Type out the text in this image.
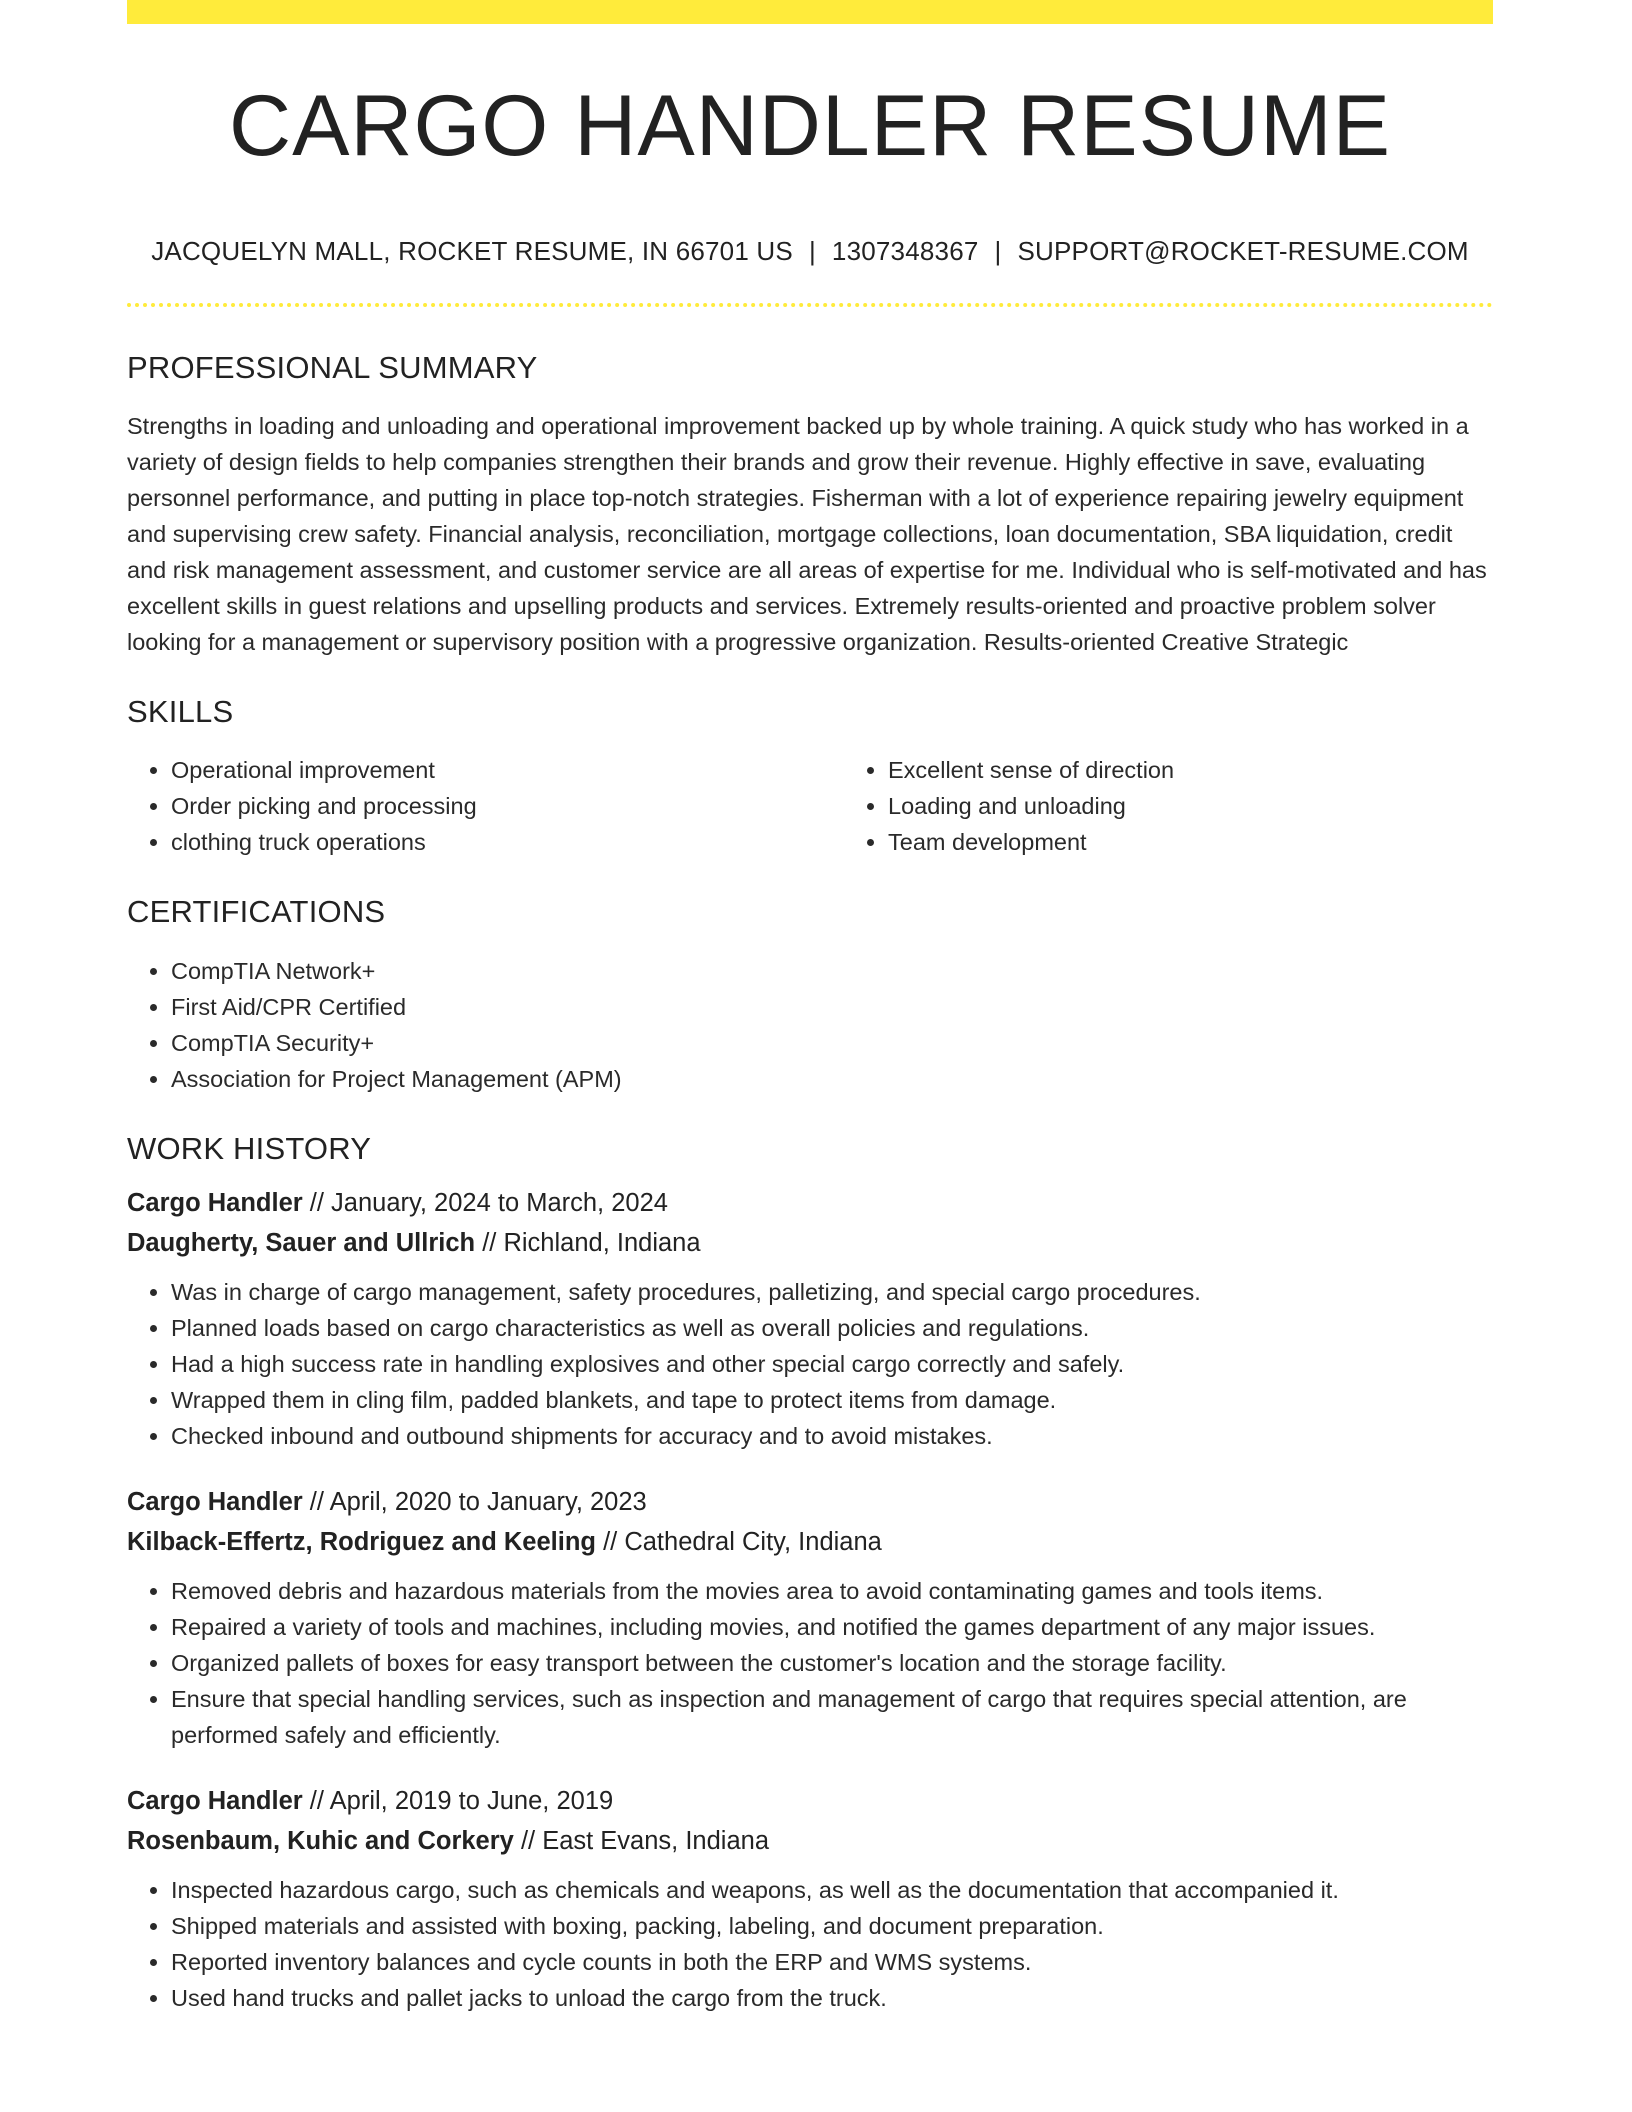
CARGO HANDLER RESUME
JACQUELYN MALL, ROCKET RESUME, IN 66701 US | 1307348367 | SUPPORT@ROCKET-RESUME.COM
PROFESSIONAL SUMMARY

Strengths in loading and unloading and operational improvement backed up by whole training. A quick study who has worked in a variety of design fields to help companies strengthen their brands and grow their revenue. Highly effective in save, evaluating personnel performance, and putting in place top-notch strategies. Fisherman with a lot of experience repairing jewelry equipment and supervising crew safety. Financial analysis, reconciliation, mortgage collections, loan documentation, SBA liquidation, credit and risk management assessment, and customer service are all areas of expertise for me. Individual who is self-motivated and has excellent skills in guest relations and upselling products and services. Extremely results-oriented and proactive problem solver looking for a management or supervisory position with a progressive organization. Results-oriented Creative Strategic

SKILLS
• Operational improvement
• Order picking and processing
• clothing truck operations
• Excellent sense of direction
• Loading and unloading
• Team development
CERTIFICATIONS
• CompTIA Network+
• First Aid/CPR Certified
• CompTIA Security+
• Association for Project Management (APM)
WORK HISTORY
Cargo Handler // January, 2024 to March, 2024
Daugherty, Sauer and Ullrich // Richland, Indiana
• Was in charge of cargo management, safety procedures, palletizing, and special cargo procedures.
• Planned loads based on cargo characteristics as well as overall policies and regulations.
• Had a high success rate in handling explosives and other special cargo correctly and safely.
• Wrapped them in cling film, padded blankets, and tape to protect items from damage.
• Checked inbound and outbound shipments for accuracy and to avoid mistakes.
Cargo Handler // April, 2020 to January, 2023
Kilback-Effertz, Rodriguez and Keeling // Cathedral City, Indiana
• Removed debris and hazardous materials from the movies area to avoid contaminating games and tools items.
• Repaired a variety of tools and machines, including movies, and notified the games department of any major issues.
• Organized pallets of boxes for easy transport between the customer's location and the storage facility.
• Ensure that special handling services, such as inspection and management of cargo that requires special attention, are performed safely and efficiently.
Cargo Handler // April, 2019 to June, 2019
Rosenbaum, Kuhic and Corkery // East Evans, Indiana
• Inspected hazardous cargo, such as chemicals and weapons, as well as the documentation that accompanied it.
• Shipped materials and assisted with boxing, packing, labeling, and document preparation.
• Reported inventory balances and cycle counts in both the ERP and WMS systems.
• Used hand trucks and pallet jacks to unload the cargo from the truck.
